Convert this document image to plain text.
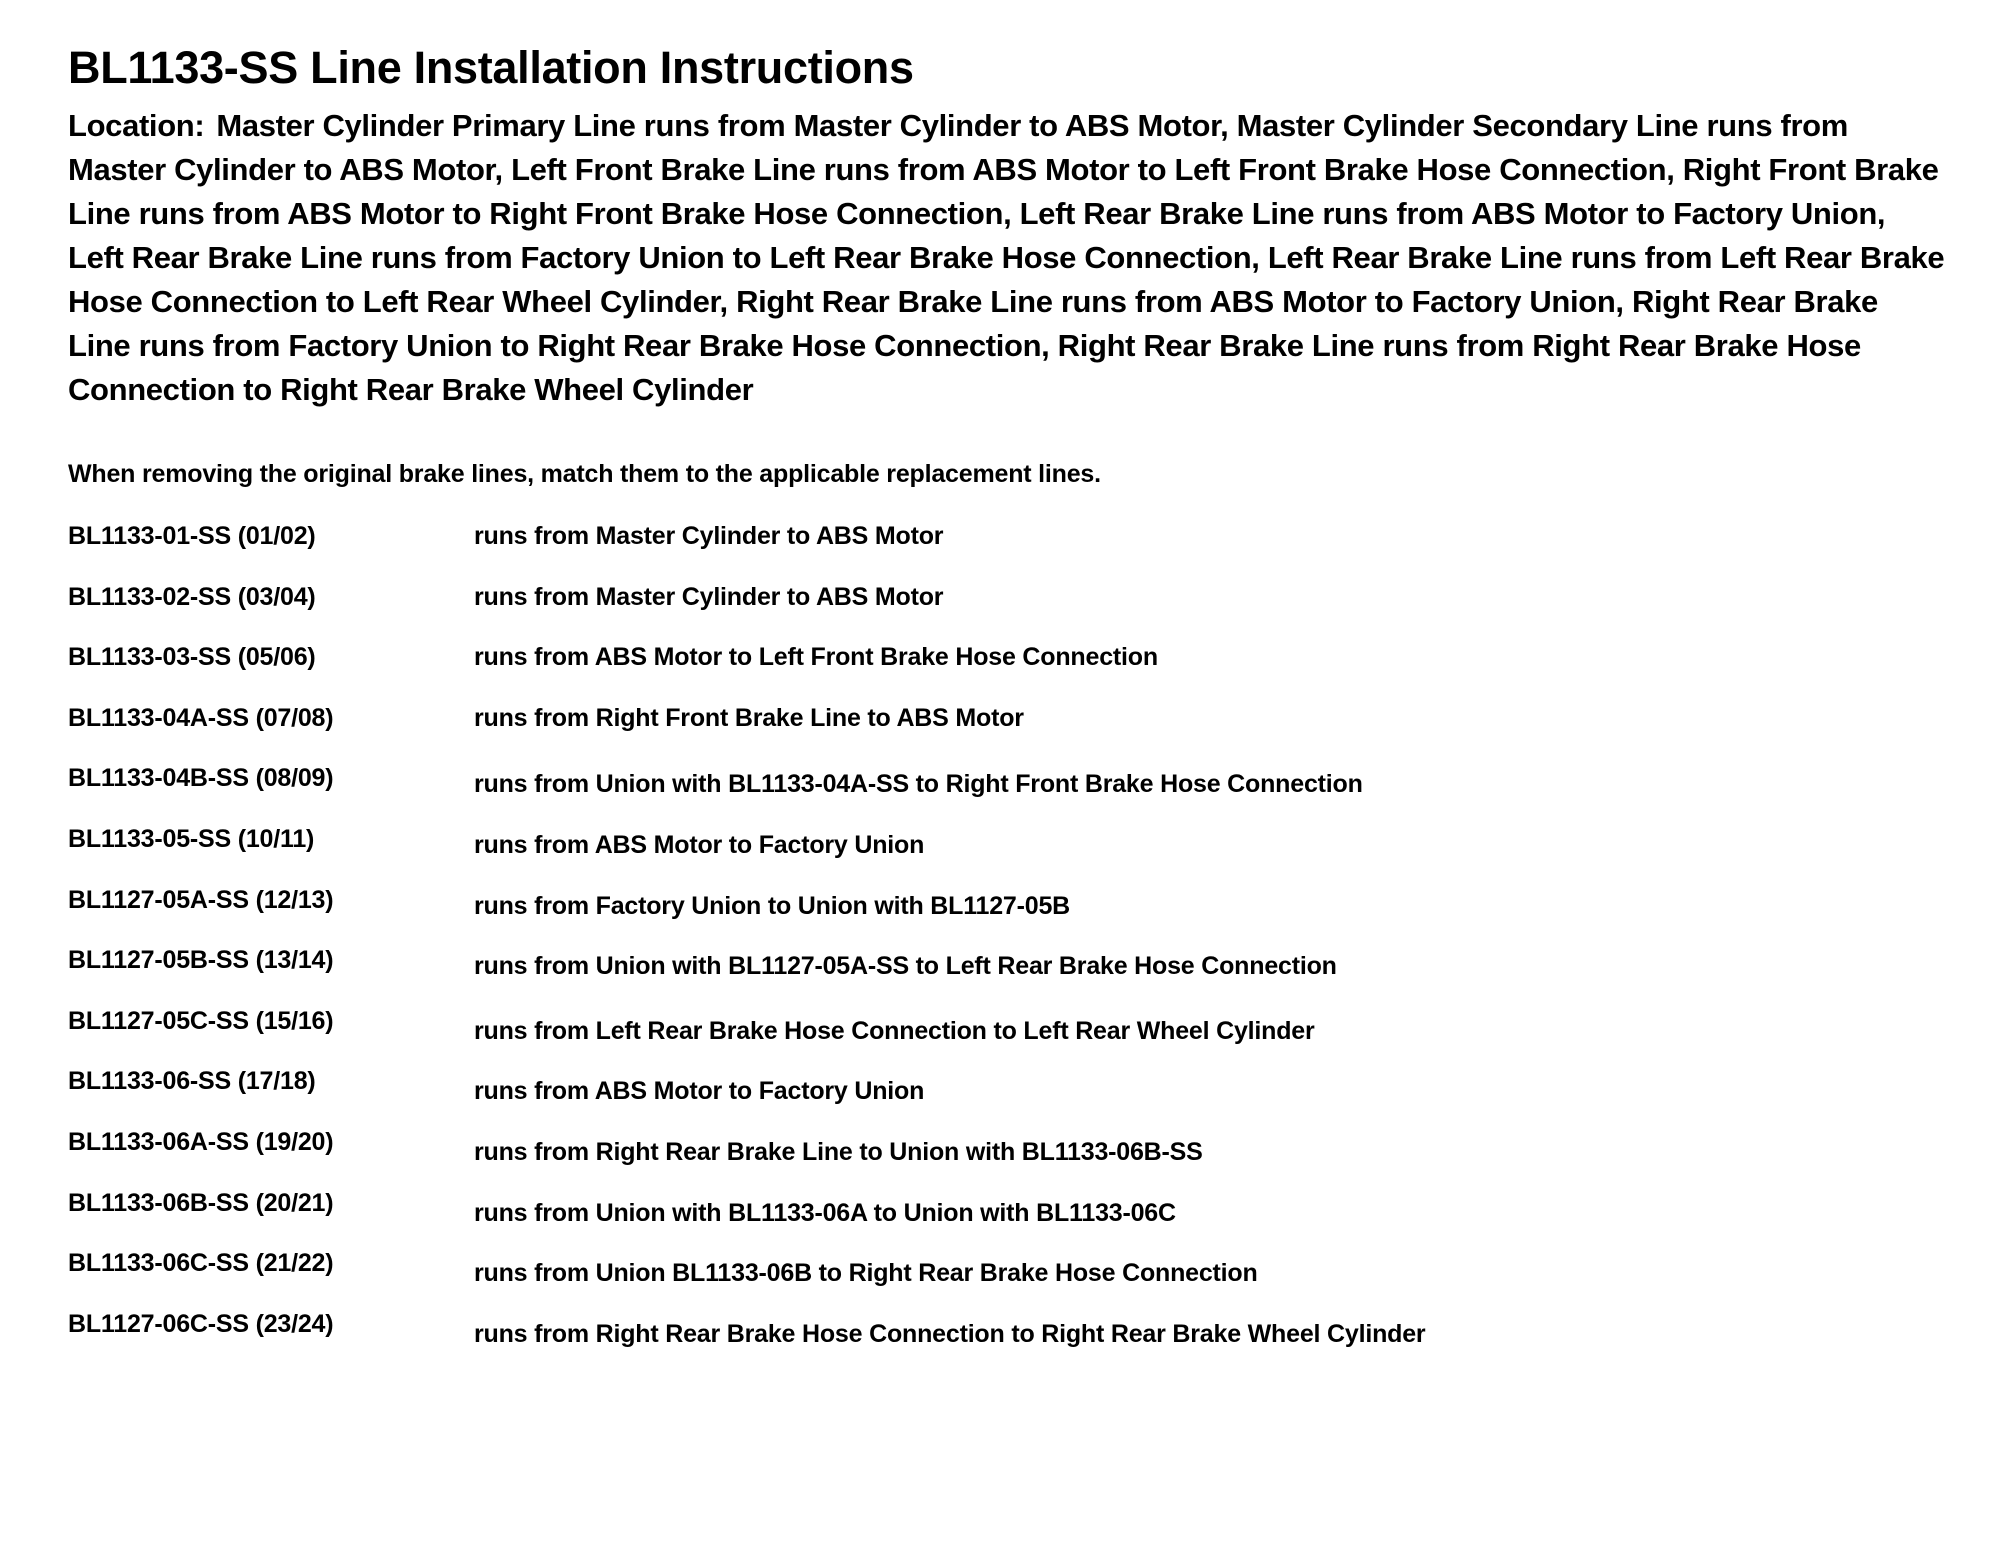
BL1133-SS Line Installation Instructions

Location: Master Cylinder Primary Line runs from Master Cylinder to ABS Motor, Master Cylinder Secondary Line runs from Master Cylinder to ABS Motor, Left Front Brake Line runs from ABS Motor to Left Front Brake Hose Connection, Right Front Brake Line runs from ABS Motor to Right Front Brake Hose Connection, Left Rear Brake Line runs from ABS Motor to Factory Union, Left Rear Brake Line runs from Factory Union to Left Rear Brake Hose Connection, Left Rear Brake Line runs from Left Rear Brake Hose Connection to Left Rear Wheel Cylinder, Right Rear Brake Line runs from ABS Motor to Factory Union, Right Rear Brake Line runs from Factory Union to Right Rear Brake Hose Connection, Right Rear Brake Line runs from Right Rear Brake Hose Connection to Right Rear Brake Wheel Cylinder

When removing the original brake lines, match them to the applicable replacement lines.

BL1133-01-SS (01/02)	runs from Master Cylinder to ABS Motor
BL1133-02-SS (03/04)	runs from Master Cylinder to ABS Motor
BL1133-03-SS (05/06)	runs from ABS Motor to Left Front Brake Hose Connection
BL1133-04A-SS (07/08)	runs from Right Front Brake Line to ABS Motor
BL1133-04B-SS (08/09)	runs from Union with BL1133-04A-SS to Right Front Brake Hose Connection
BL1133-05-SS (10/11)	runs from ABS Motor to Factory Union
BL1127-05A-SS (12/13)	runs from Factory Union to Union with BL1127-05B
BL1127-05B-SS (13/14)	runs from Union with BL1127-05A-SS to Left Rear Brake Hose Connection
BL1127-05C-SS (15/16)	runs from Left Rear Brake Hose Connection to Left Rear Wheel Cylinder
BL1133-06-SS (17/18)	runs from ABS Motor to Factory Union
BL1133-06A-SS (19/20)	runs from Right Rear Brake Line to Union with BL1133-06B-SS
BL1133-06B-SS (20/21)	runs from Union with BL1133-06A to Union with BL1133-06C
BL1133-06C-SS (21/22)	runs from Union BL1133-06B to Right Rear Brake Hose Connection
BL1127-06C-SS (23/24)	runs from Right Rear Brake Hose Connection to Right Rear Brake Wheel Cylinder
